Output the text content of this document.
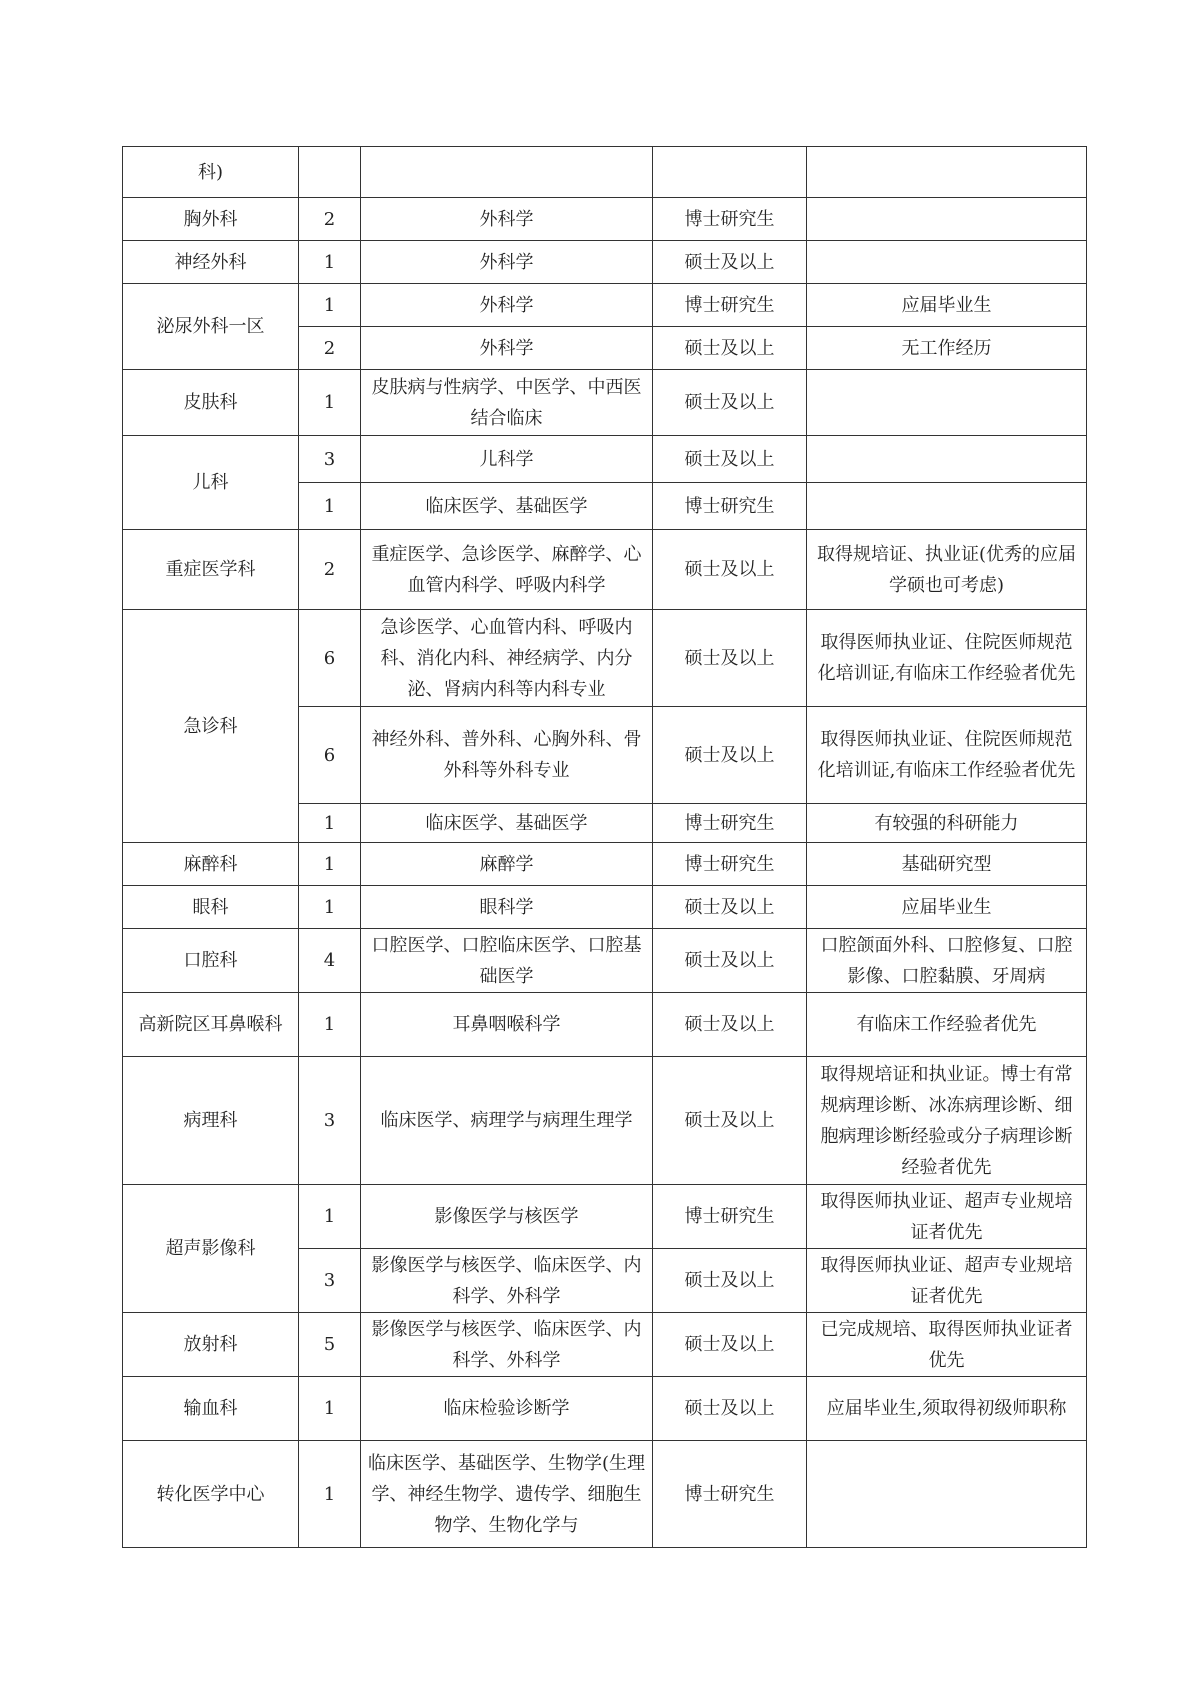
科)				
胸外科	2	外科学	博士研究生	
神经外科	1	外科学	硕士及以上	
泌尿外科一区	1	外科学	博士研究生	应届毕业生
	2	外科学	硕士及以上	无工作经历
皮肤科	1	皮肤病与性病学、中医学、中西医结合临床	硕士及以上	
儿科	3	儿科学	硕士及以上	
	1	临床医学、基础医学	博士研究生	
重症医学科	2	重症医学、急诊医学、麻醉学、心血管内科学、呼吸内科学	硕士及以上	取得规培证、执业证(优秀的应届学硕也可考虑)
急诊科	6	急诊医学、心血管内科、呼吸内科、消化内科、神经病学、内分泌、肾病内科等内科专业	硕士及以上	取得医师执业证、住院医师规范化培训证,有临床工作经验者优先
	6	神经外科、普外科、心胸外科、骨外科等外科专业	硕士及以上	取得医师执业证、住院医师规范化培训证,有临床工作经验者优先
	1	临床医学、基础医学	博士研究生	有较强的科研能力
麻醉科	1	麻醉学	博士研究生	基础研究型
眼科	1	眼科学	硕士及以上	应届毕业生
口腔科	4	口腔医学、口腔临床医学、口腔基础医学	硕士及以上	口腔颌面外科、口腔修复、口腔影像、口腔黏膜、牙周病
高新院区耳鼻喉科	1	耳鼻咽喉科学	硕士及以上	有临床工作经验者优先
病理科	3	临床医学、病理学与病理生理学	硕士及以上	取得规培证和执业证。博士有常规病理诊断、冰冻病理诊断、细胞病理诊断经验或分子病理诊断经验者优先
超声影像科	1	影像医学与核医学	博士研究生	取得医师执业证、超声专业规培证者优先
	3	影像医学与核医学、临床医学、内科学、外科学	硕士及以上	取得医师执业证、超声专业规培证者优先
放射科	5	影像医学与核医学、临床医学、内科学、外科学	硕士及以上	已完成规培、取得医师执业证者优先
输血科	1	临床检验诊断学	硕士及以上	应届毕业生,须取得初级师职称
转化医学中心	1	临床医学、基础医学、生物学(生理学、神经生物学、遗传学、细胞生物学、生物化学与	博士研究生	
